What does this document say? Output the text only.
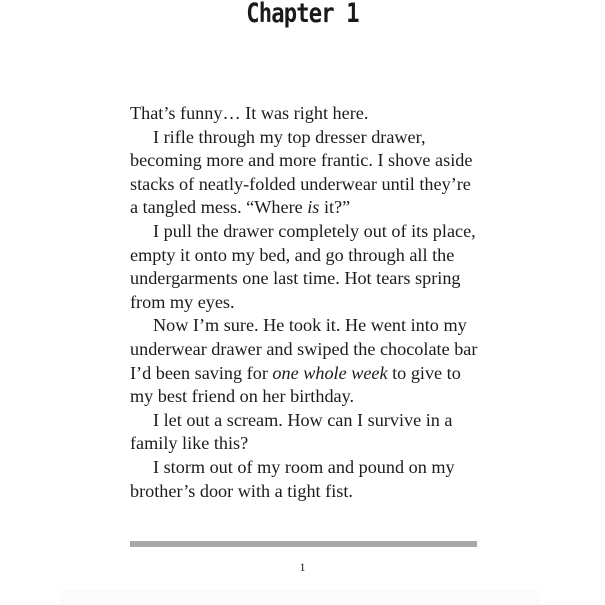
Chapter 1

That’s funny… It was right here.

I rifle through my top dresser drawer, becoming more and more frantic. I shove aside stacks of neatly-folded underwear until they’re a tangled mess. “Where is it?”

I pull the drawer completely out of its place, empty it onto my bed, and go through all the undergarments one last time. Hot tears spring from my eyes.

Now I’m sure. He took it. He went into my underwear drawer and swiped the chocolate bar I’d been saving for one whole week to give to my best friend on her birthday.

I let out a scream. How can I survive in a family like this?

I storm out of my room and pound on my brother’s door with a tight fist.

1
